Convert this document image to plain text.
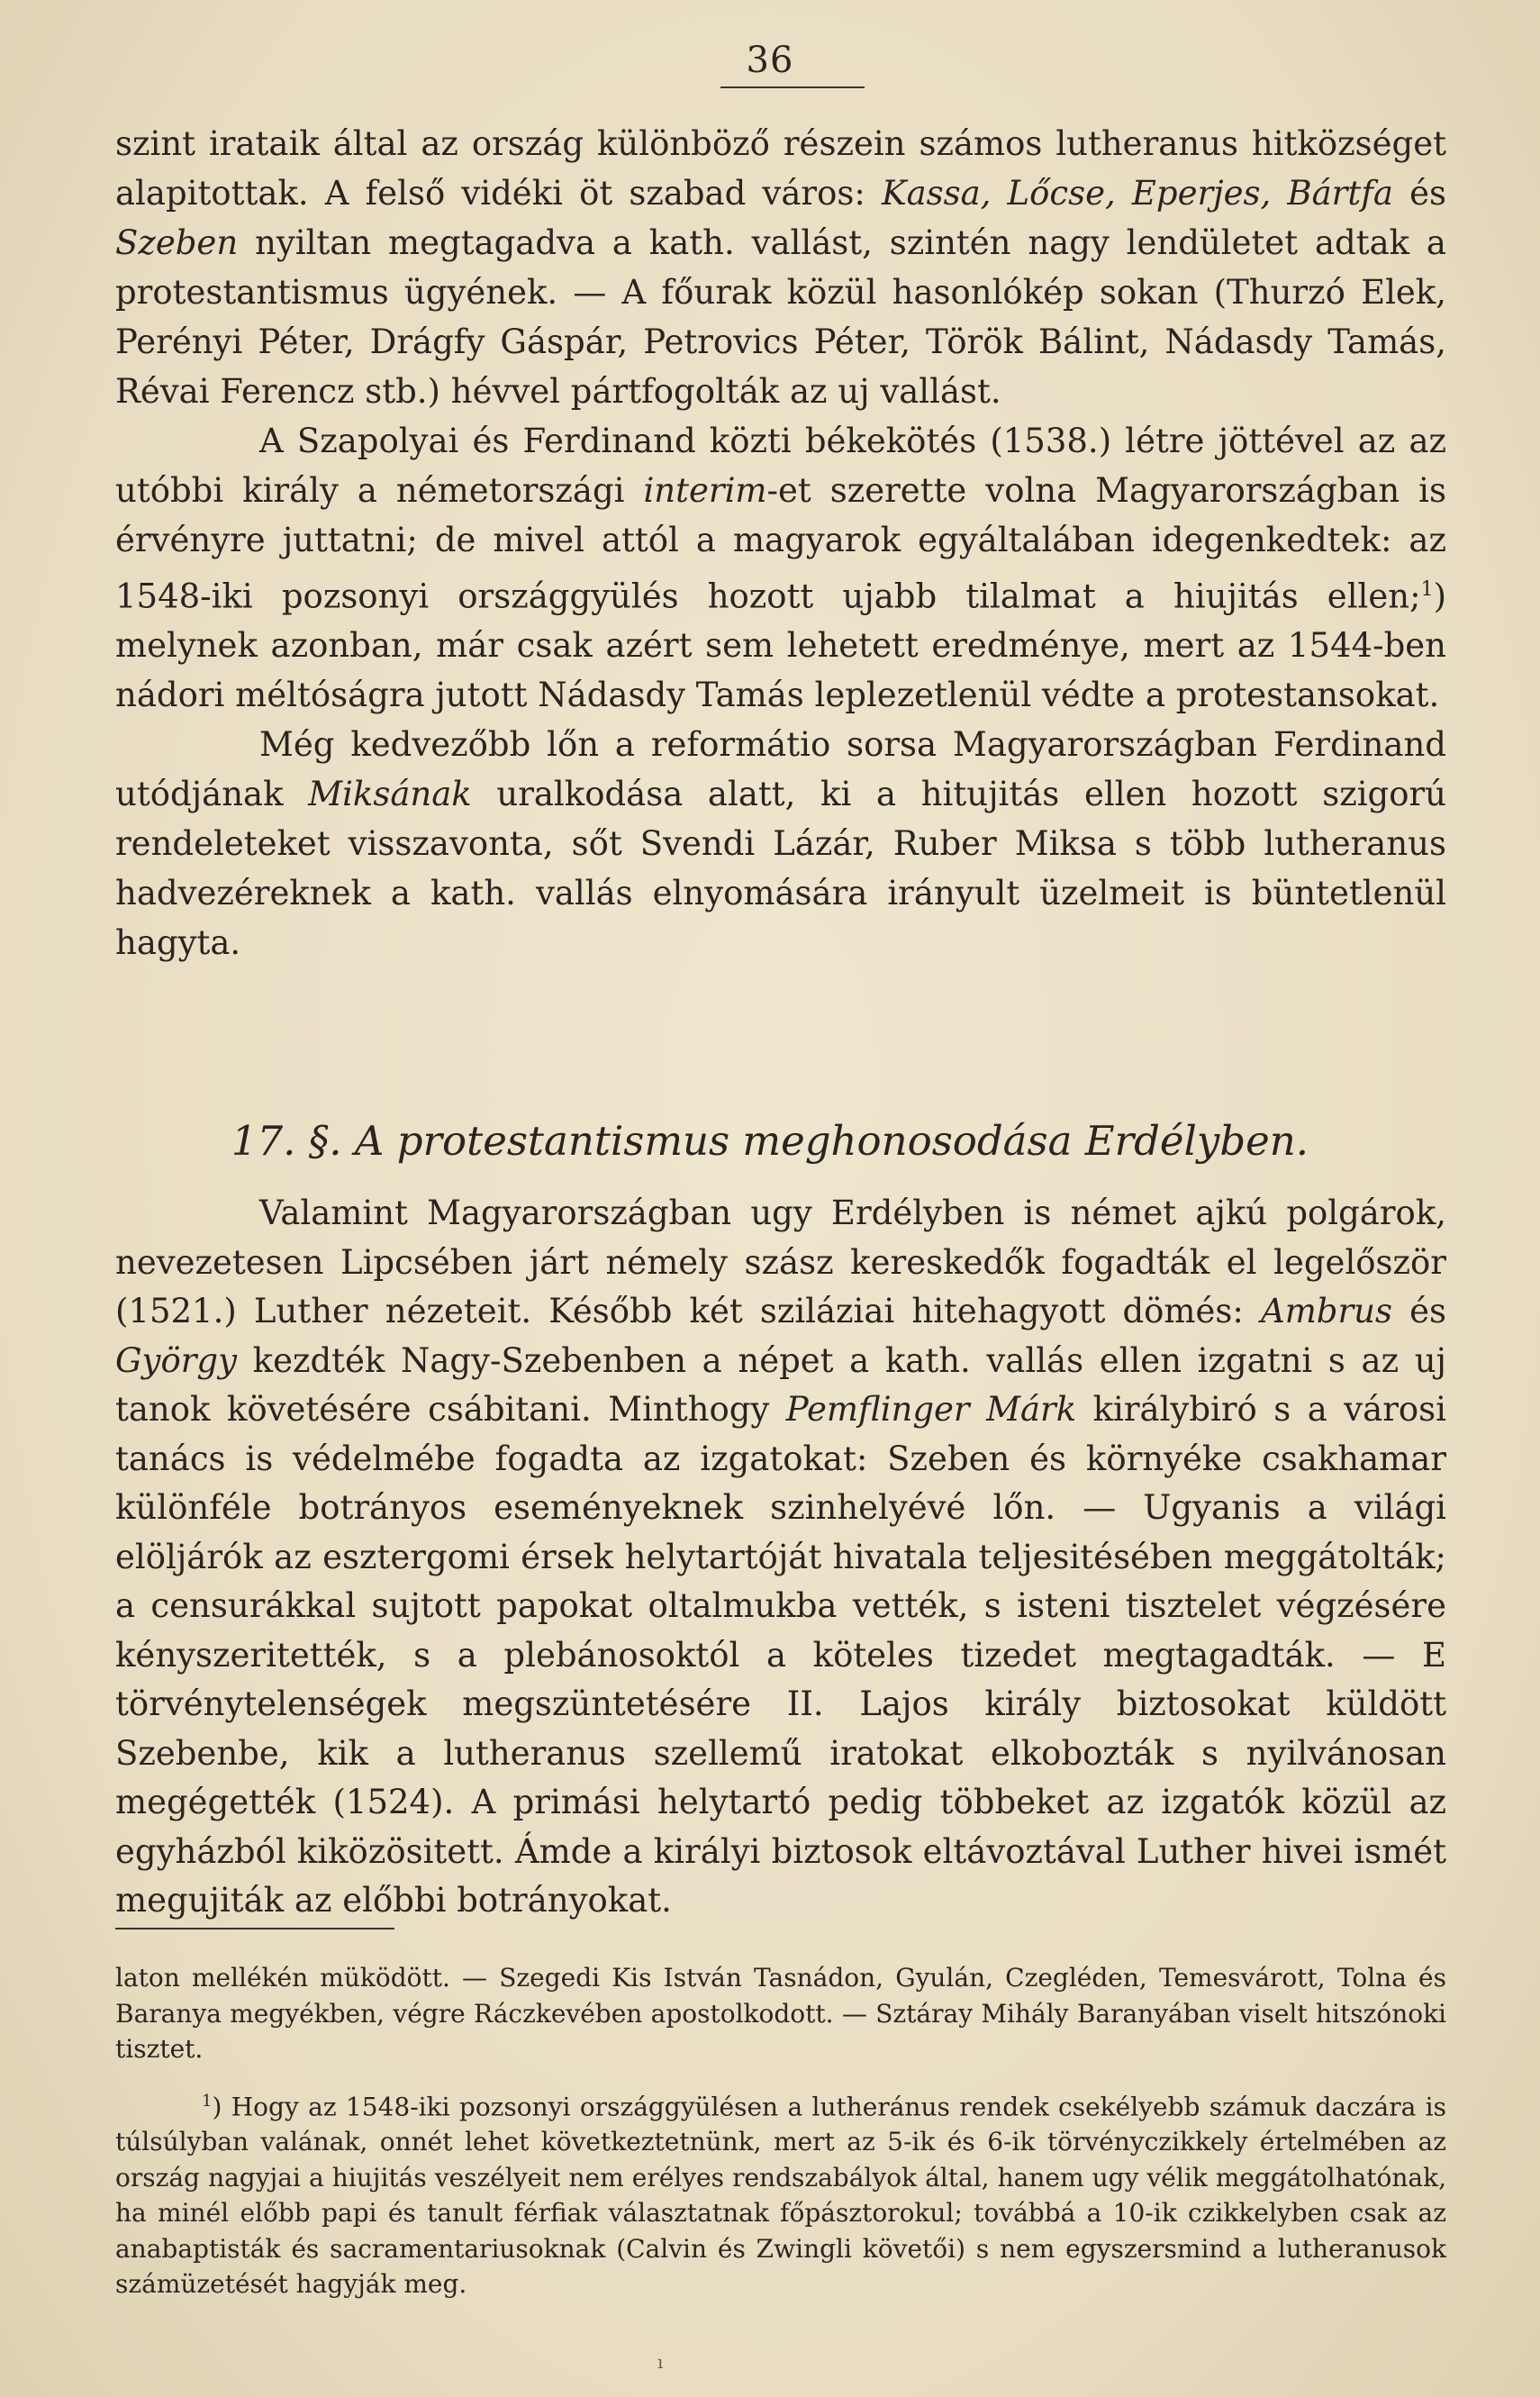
36

szint irataik által az ország különböző részein számos lutheranus hitközséget alapitottak. A felső vidéki öt szabad város: Kassa, Lőcse, Eperjes, Bártfa és Szeben nyiltan megtagadva a kath. vallást, szintén nagy lendületet adtak a protestantismus ügyének. — A főurak közül hasonlókép sokan (Thurzó Elek, Perényi Péter, Drágfy Gáspár, Petrovics Péter, Török Bálint, Nádasdy Tamás, Révai Ferencz stb.) hévvel pártfogolták az uj vallást.

A Szapolyai és Ferdinand közti békekötés (1538.) létre jöttével az az utóbbi király a németországi interim-et szerette volna Magyarországban is érvényre juttatni; de mivel attól a magyarok egyáltalában idegenkedtek: az 1548-iki pozsonyi országgyülés hozott ujabb tilalmat a hiujitás ellen;$^1$) melynek azonban, már csak azért sem lehetett eredménye, mert az 1544-ben nádori méltóságra jutott Nádasdy Tamás leplezetlenül védte a protestansokat.

Még kedvezőbb lőn a reformátio sorsa Magyarországban Ferdinand utódjának Miksának uralkodása alatt, ki a hitujitás ellen hozott szigorú rendeleteket visszavonta, sőt Svendi Lázár, Ruber Miksa s több lutheranus hadvezéreknek a kath. vallás elnyomására irányult üzelmeit is büntetlenül hagyta.

17. §. A protestantismus meghonosodása Erdélyben.
Valamint Magyarországban ugy Erdélyben is német ajkú polgárok, nevezetesen Lipcsében járt némely szász kereskedők fogadták el legelőször (1521.) Luther nézeteit. Később két sziláziai hitehagyott dömés: Ambrus és György kezdték Nagy-Szebenben a népet a kath. vallás ellen izgatni s az uj tanok követésére csábitani. Minthogy Pemflinger Márk királybiró s a városi tanács is védelmébe fogadta az izgatokat: Szeben és környéke csakhamar különféle botrányos eseményeknek szinhelyévé lőn. — Ugyanis a világi elöljárók az esztergomi érsek helytartóját hivatala teljesitésében meggátolták; a censurákkal sujtott papokat oltalmukba vették, s isteni tisztelet végzésére kényszeritették, s a plebánosoktól a köteles tizedet megtagadták. — E törvénytelenségek megszüntetésére II. Lajos király biztosokat küldött Szebenbe, kik a lutheranus szellemű iratokat elkobozták s nyilvánosan megégették (1524). A primási helytartó pedig többeket az izgatók közül az egyházból kiközösitett. Ámde a királyi biztosok eltávoztával Luther hivei ismét megujiták az előbbi botrányokat.

laton mellékén müködött. — Szegedi Kis István Tasnádon, Gyulán, Czegléden, Temesvárott, Tolna és Baranya megyékben, végre Ráczkevében apostolkodott. — Sztáray Mihály Baranyában viselt hitszónoki tisztet.

$^1$) Hogy az 1548-iki pozsonyi országgyülésen a lutheránus rendek csekélyebb számuk daczára is túlsúlyban valának, onnét lehet következtetnünk, mert az 5-ik és 6-ik törvényczikkely értelmében az ország nagyjai a hiujitás veszélyeit nem erélyes rendszabályok által, hanem ugy vélik meggátolhatónak, ha minél előbb papi és tanult férfiak választatnak főpásztorokul; továbbá a 10-ik czikkelyben csak az anabaptisták és sacramentariusoknak (Calvin és Zwingli követői) s nem egyszersmind a lutheranusok számüzetését hagyják meg.

ı
